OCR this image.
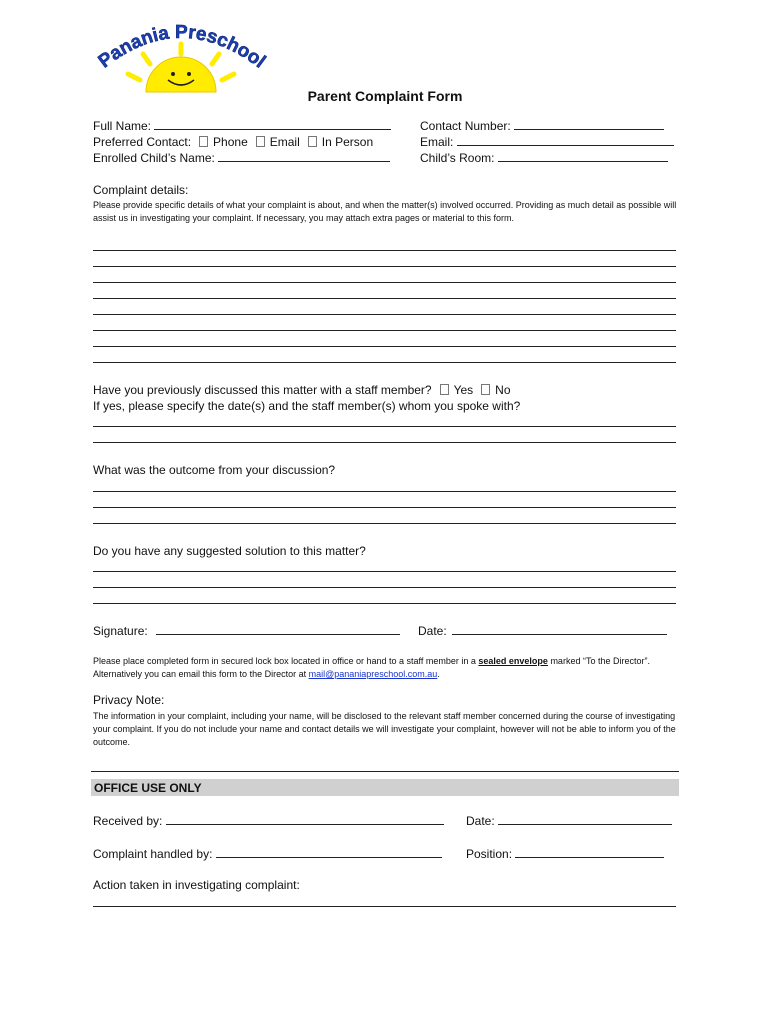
Panania Preschool
Parent Complaint Form
Full Name:	Contact Number:
Preferred Contact: Phone Email In Person	Email:
Enrolled Child’s Name:	Child’s Room:
Complaint details:
Please provide specific details of what your complaint is about, and when the matter(s) involved occurred. Providing as much detail as possible will assist us in investigating your complaint. If necessary, you may attach extra pages or material to this form.
Have you previously discussed this matter with a staff member? Yes No
If yes, please specify the date(s) and the staff member(s) whom you spoke with?
What was the outcome from your discussion?
Do you have any suggested solution to this matter?
Signature:	Date:
Please place completed form in secured lock box located in office or hand to a staff member in a sealed envelope marked “To the Director”. Alternatively you can email this form to the Director at mail@pananiapreschool.com.au.
Privacy Note:
The information in your complaint, including your name, will be disclosed to the relevant staff member concerned during the course of investigating your complaint. If you do not include your name and contact details we will investigate your complaint, however will not be able to inform you of the outcome.
OFFICE USE ONLY
Received by:	Date:
Complaint handled by:	Position:
Action taken in investigating complaint:
